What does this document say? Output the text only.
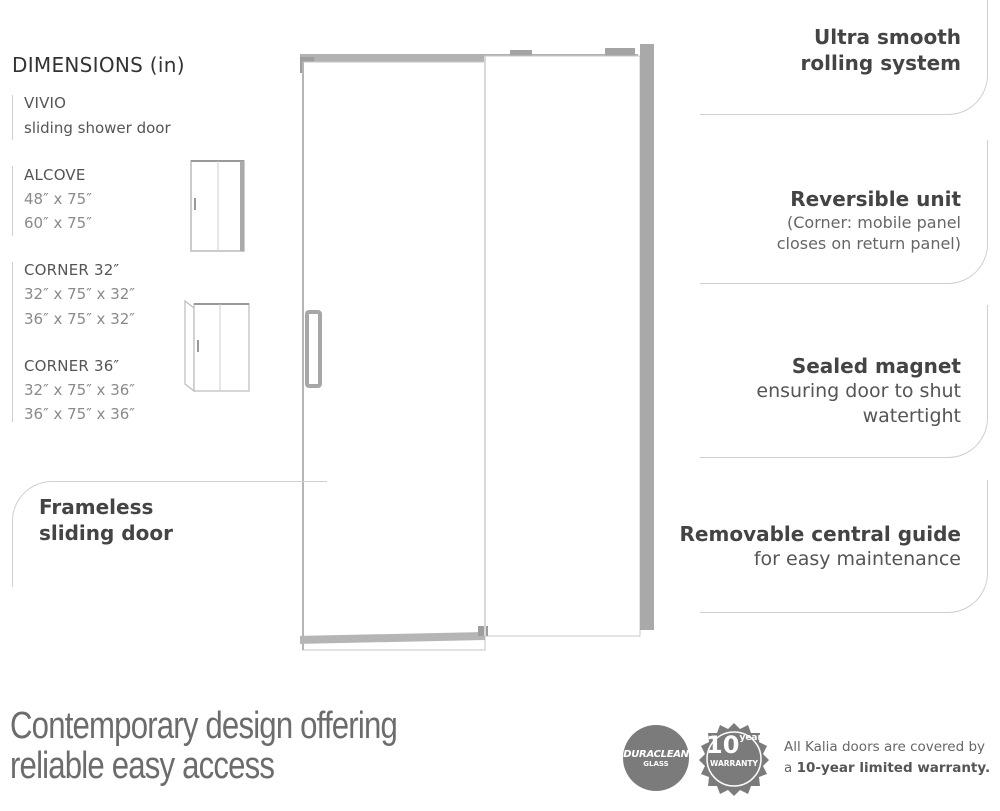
DIMENSIONS (in)
VIVIO
sliding shower door
ALCOVE
48″ x 75″
60″ x 75″
CORNER 32″
32″ x 75″ x 32″
36″ x 75″ x 32″
CORNER 36″
32″ x 75″ x 36″
36″ x 75″ x 36″
Frameless
sliding door
Ultra smooth
rolling system
Reversible unit
(Corner: mobile panel
closes on return panel)
Sealed magnet
ensuring door to shut
watertight
Removable central guide
for easy maintenance
Contemporary design offering
reliable easy access	DURACLEAN
GLASS
$10^{year}$
WARRANTY
All Kalia doors are covered by
a 10-year limited warranty.
